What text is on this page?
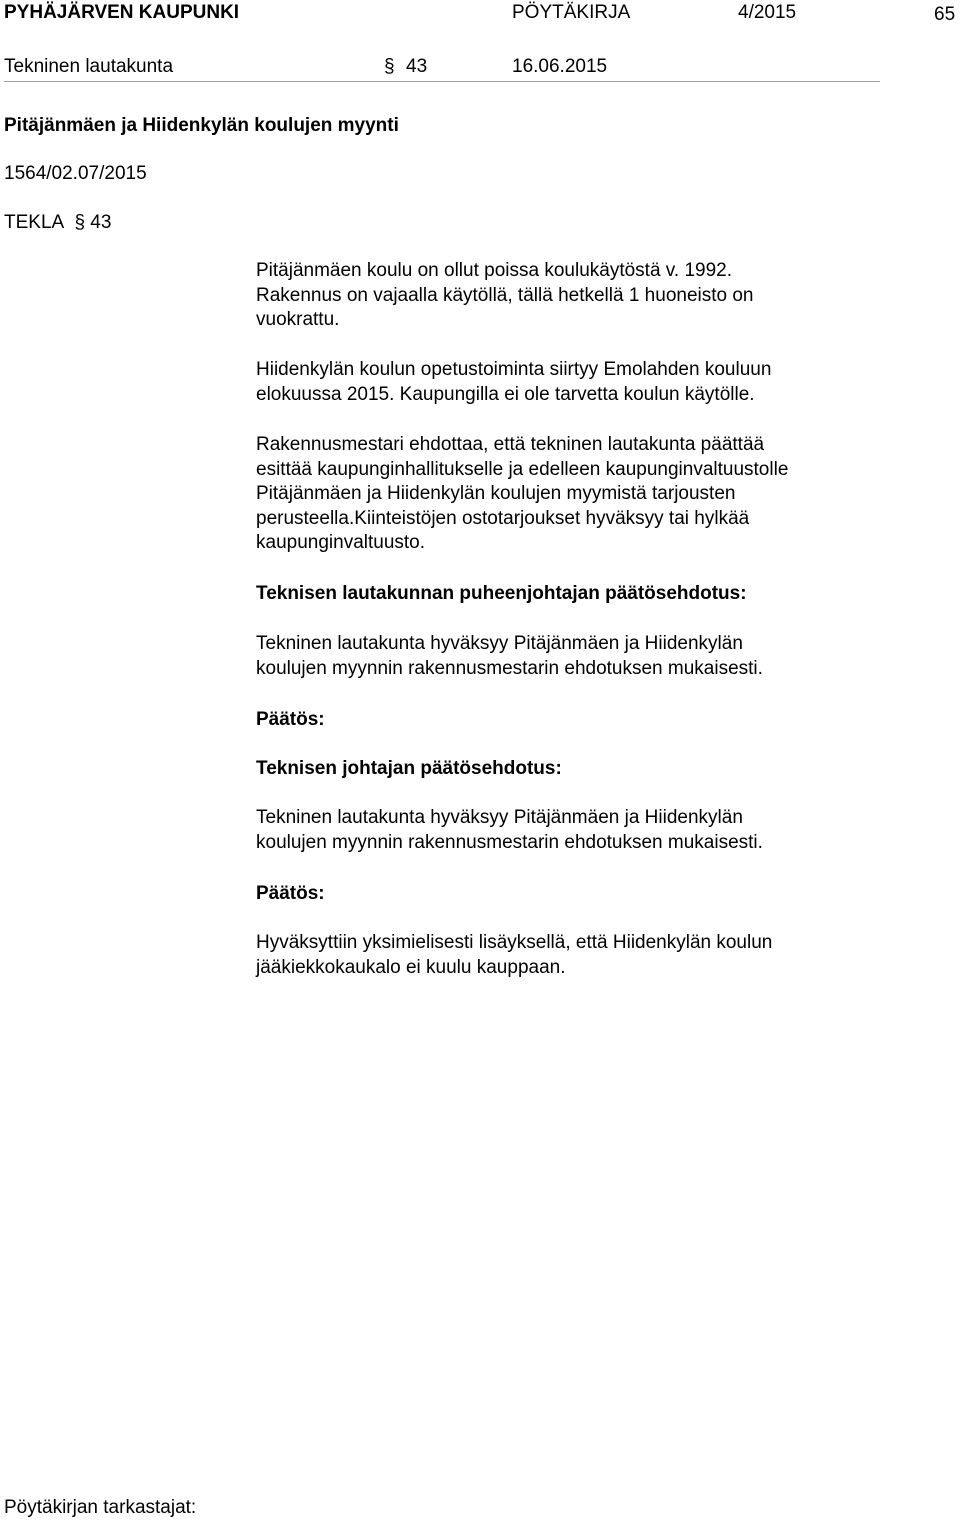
PYHÄJÄRVEN KAUPUNKI	PÖYTÄKIRJA	4/2015	65
Tekninen lautakunta	§ 43	16.06.2015
Pitäjänmäen ja Hiidenkylän koulujen myynti
1564/02.07/2015
TEKLA § 43
Pitäjänmäen koulu on ollut poissa koulukäytöstä v. 1992.
Rakennus on vajaalla käytöllä, tällä hetkellä 1 huoneisto on
vuokrattu.
Hiidenkylän koulun opetustoiminta siirtyy Emolahden kouluun
elokuussa 2015. Kaupungilla ei ole tarvetta koulun käytölle.
Rakennusmestari ehdottaa, että tekninen lautakunta päättää
esittää kaupunginhallitukselle ja edelleen kaupunginvaltuustolle
Pitäjänmäen ja Hiidenkylän koulujen myymistä tarjousten
perusteella.Kiinteistöjen ostotarjoukset hyväksyy tai hylkää
kaupunginvaltuusto.
Teknisen lautakunnan puheenjohtajan päätösehdotus:
Tekninen lautakunta hyväksyy Pitäjänmäen ja Hiidenkylän
koulujen myynnin rakennusmestarin ehdotuksen mukaisesti.
Päätös:
Teknisen johtajan päätösehdotus:
Tekninen lautakunta hyväksyy Pitäjänmäen ja Hiidenkylän
koulujen myynnin rakennusmestarin ehdotuksen mukaisesti.
Päätös:
Hyväksyttiin yksimielisesti lisäyksellä, että Hiidenkylän koulun
jääkiekkokaukalo ei kuulu kauppaan.
Pöytäkirjan tarkastajat:
